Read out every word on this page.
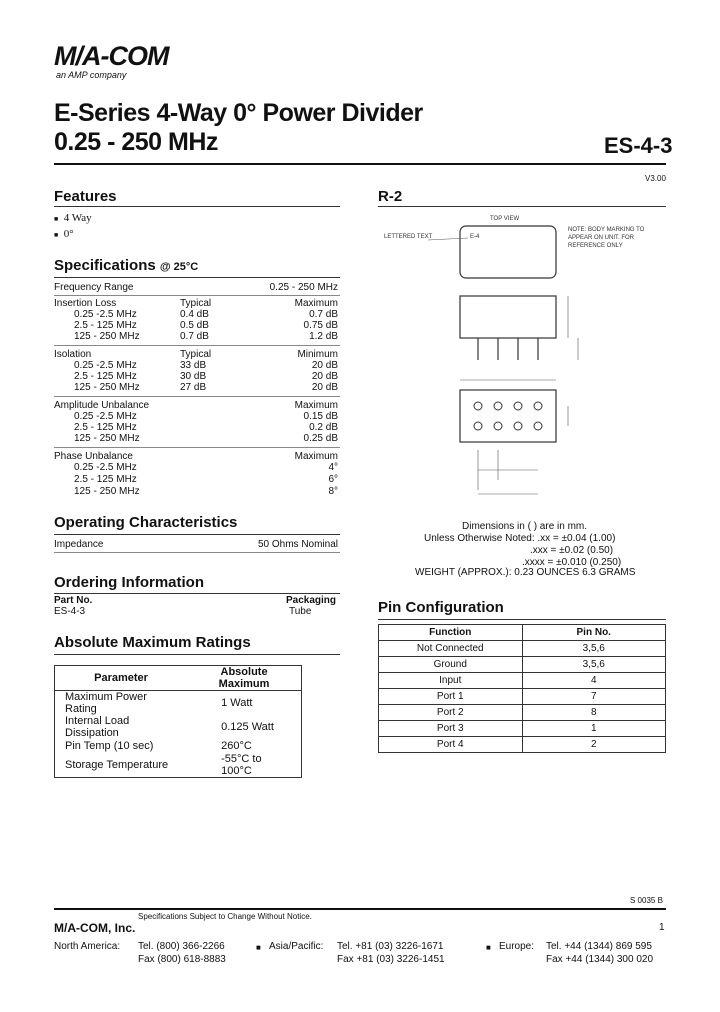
M/A-COM
an AMP company
E-Series 4-Way 0° Power Divider
0.25 - 250 MHz	ES-4-3
V3.00
Features
■ 4 Way
■ 0°
Specifications @ 25°C
Frequency Range	0.25 - 250 MHz
Insertion Loss	Typical	Maximum
0.25 -2.5 MHz	0.4 dB	0.7 dB
2.5 - 125 MHz	0.5 dB	0.75 dB
125 - 250 MHz	0.7 dB	1.2 dB
Isolation	Typical	Minimum
0.25 -2.5 MHz	33 dB	20 dB
2.5 - 125 MHz	30 dB	20 dB
125 - 250 MHz	27 dB	20 dB
Amplitude Unbalance	Maximum
0.25 -2.5 MHz	0.15 dB
2.5 - 125 MHz	0.2 dB
125 - 250 MHz	0.25 dB
Phase Unbalance	Maximum
0.25 -2.5 MHz	4°
2.5 - 125 MHz	6°
125 - 250 MHz	8°
Operating Characteristics
Impedance	50 Ohms Nominal
Ordering Information
Part No.	Packaging
ES-4-3	Tube
Absolute Maximum Ratings
Parameter	Absolute Maximum
Maximum Power Rating	1 Watt
Internal Load Dissipation	0.125 Watt
Pin Temp (10 sec)	260°C
Storage Temperature	-55°C to 100°C
R-2
TOP VIEW
E-4
LETTERED TEXT
NOTE: BODY MARKING TO APPEAR ON UNIT. FOR REFERENCE ONLY
Dimensions in ( ) are in mm.
Unless Otherwise Noted: .xx = ±0.04 (1.00)
.xxx = ±0.02 (0.50)
.xxxx = ±0.010 (0.250)
WEIGHT (APPROX.): 0.23 OUNCES 6.3 GRAMS
Pin Configuration
Function	Pin No.
Not Connected	3,5,6
Ground	3,5,6
Input	4
Port 1	7
Port 2	8
Port 3	1
Port 4	2
S 0035 B
M/A-COM, Inc.
Specifications Subject to Change Without Notice.
1
North America: Tel. (800) 366-2266
Fax (800) 618-8883
■ Asia/Pacific: Tel. +81 (03) 3226-1671
Fax +81 (03) 3226-1451
■ Europe: Tel. +44 (1344) 869 595
Fax +44 (1344) 300 020
